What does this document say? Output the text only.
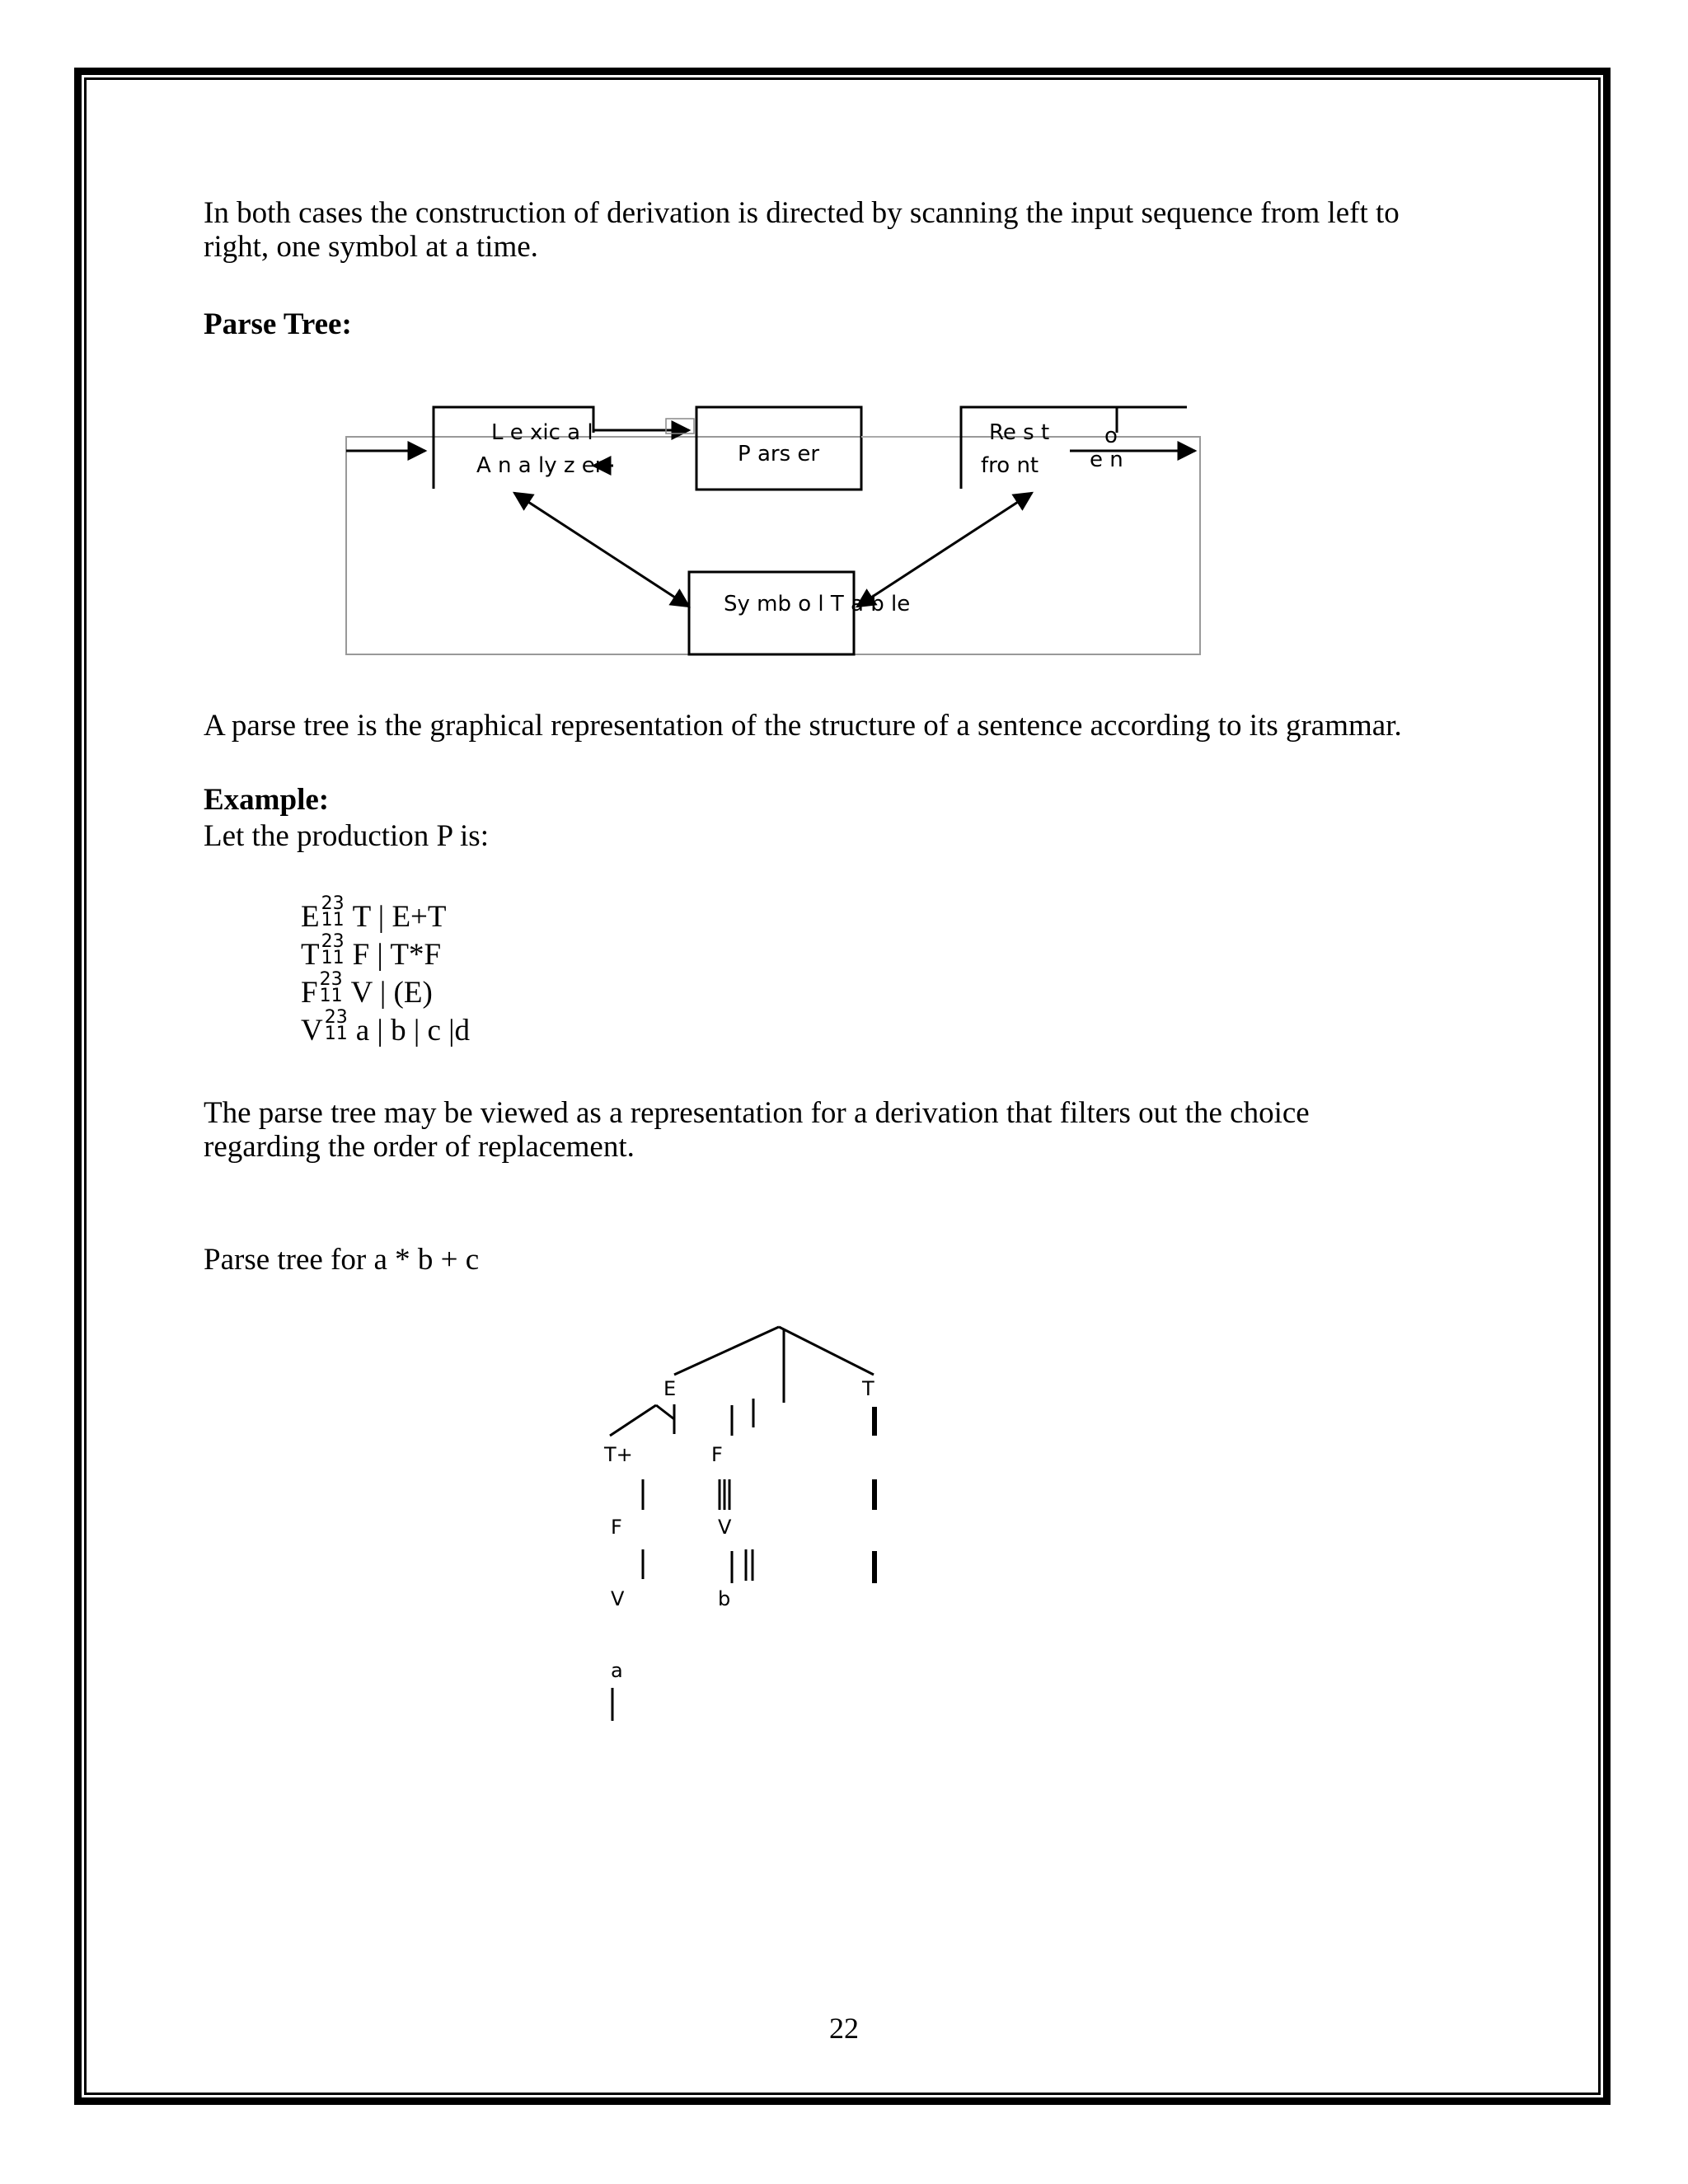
In both cases the construction of derivation is directed by scanning the input sequence from left to
right, one symbol at a time.

Parse Tree:

L e xic a l
A n a ly z er	P ars er
Re s t
fro nt
o
e n
Sy mb o l T a b le

A parse tree is the graphical representation of the structure of a sentence according to its grammar.

Example:

Let the production P is:

E 23
11 T | E+T
T 23
11 F | T*F
F 23
11 V | (E)
V 23
11 a | b | c |d

The parse tree may be viewed as a representation for a derivation that filters out the choice
regarding the order of replacement.

Parse tree for a * b + c

E	T
T+	F
F	V
V	b
a
22
